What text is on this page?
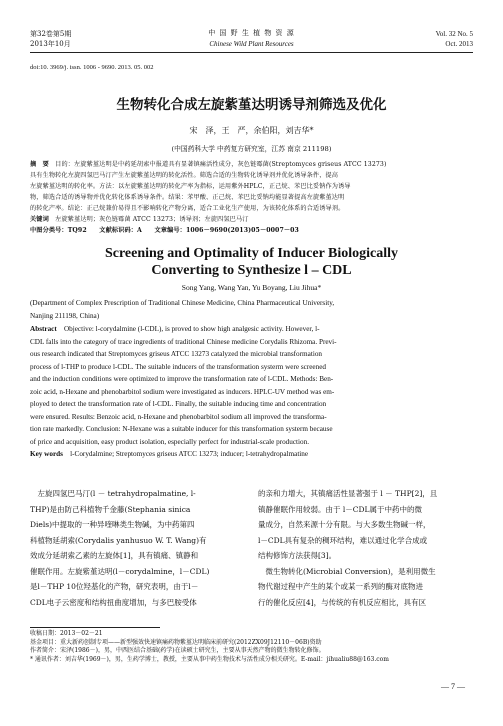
第32卷第5期
2013年10月
中 国 野 生 植 物 资 源
Chinese Wild Plant Resources
Vol. 32 No. 5
Oct. 2013
doi:10. 3969/j. issn. 1006 - 9690. 2013. 05. 002
生物转化合成左旋紫堇达明诱导剂筛选及优化
宋　泽，王　严，余伯阳，刘吉华*
(中国药科大学 中药复方研究室，江苏 南京 211198)
摘　要　 目的：左旋紫堇达明是中药延胡索中报道具有显著镇痛活性成分，灰色链霉菌(Streptomyces griseus ATCC 13273)
具有生物转化左旋四氢巴马汀产生左旋紫堇达明的转化活性。筛选合适的生物转化诱导剂并优化诱导条件，提高
左旋紫堇达明的转化率。方法：以左旋紫堇达明的转化产率为指标，运用紫外HPLC，正己烷、苯巴比妥钠作为诱导
物，筛选合适的诱导物并优化转化体系诱导条件。结果：苯甲酸、正己烷、苯巴比妥钠均能显著提高左旋紫堇达明
的转化产率。结论：正己烷兼价易得且不影响转化产物分离，适合工业化生产使用，为该转化体系的合适诱导剂。
关键词　 左旋紫堇达明；灰色链霉菌 ATCC 13273；诱导剂；左旋四氢巴马汀
中图分类号：TQ92　　文献标识码：A　　文章编号：1006－9690(2013)05－0007－03
Screening and Optimality of Inducer Biologically
Converting to Synthesize l – CDL
Song Yang, Wang Yan, Yu Boyang, Liu Jihua*
(Department of Complex Prescription of Traditional Chinese Medicine, China Pharmaceutical University,
Nanjing 211198, China)
Abstract　 Objective: l-corydalmine (l-CDL), is proved to show high analgesic activity. However, l-
CDL falls into the category of trace ingredients of traditional Chinese medicine Corydalis Rhizoma. Previ-
ous research indicated that Streptomyces griseus ATCC 13273 catalyzed the microbial transformation
process of l-THP to produce l-CDL. The suitable inducers of the transformation systerm were screened
and the induction conditions were optimized to improve the transformation rate of l-CDL. Methods: Ben-
zoic acid, n-Hexane and phenobarbitol sodium were investigated as inducers. HPLC-UV method was em-
ployed to detect the transformation rate of l-CDL. Finally, the suitable inducing time and concentration
were ensured. Results: Benzoic acid, n-Hexane and phenobarbitol sodium all improved the transforma-
tion rate markedly. Conclusion: N-Hexane was a suitable inducer for this transformation systerm because
of price and acquisition, easy product isolation, especially perfect for industrial-scale production.
Key words　 l-Corydalmine; Streptomyces griseus ATCC 13273; inducer; l-tetrahydropalmatine
　左旋四氢巴马汀(l － tetrahydropalmatine, l-
THP)是由防己科植物千金藤(Stephania sinica
Diels)中提取的一种异喹啉类生物碱，为中药第四
科植物延胡索(Corydalis yanhusuo W. T. Wang)有
效成分延胡索乙素的左旋体[1]，具有镇痛、镇静和
催眠作用。左旋紫堇达明(l－corydalmine，l－CDL)
是l－THP 10位羟基化的产物，研究表明，由于l－
CDL电子云密度和结构扭曲度增加，与多巴胺受体
的亲和力增大，其镇痛活性显著强于 l － THP[2]，且
镇静催眠作用较弱。由于 l－CDL属于中药中的微
量成分，自然来源十分有限。与大多数生物碱一样，
l－CDL具有复杂的稠环结构，难以通过化学合成或
结构修饰方法获得[3]。
　微生物转化(Microbial Conversion)，是利用微生
物代谢过程中产生的某个或某一系列的酶对底物进
行的催化反应[4]，与传统的有机反应相比，具有区
收稿日期：2013－02－21
基金项目：重大新药创制专项——新型强效快速镇痛药物紫堇达明临床前研究(2012ZX09J12110－06B)资助
作者简介：宋泽(1986－)，男，中西医结合基础(药学)在读硕士研究生，主要从事天然产物的微生物转化修饰。
* 通讯作者：刘吉华(1969－)，男，生药学博士，教授，主要从事中药生物技术与活性成分相关研究。E-mail：jihualiu88@163.com
— 7 —
